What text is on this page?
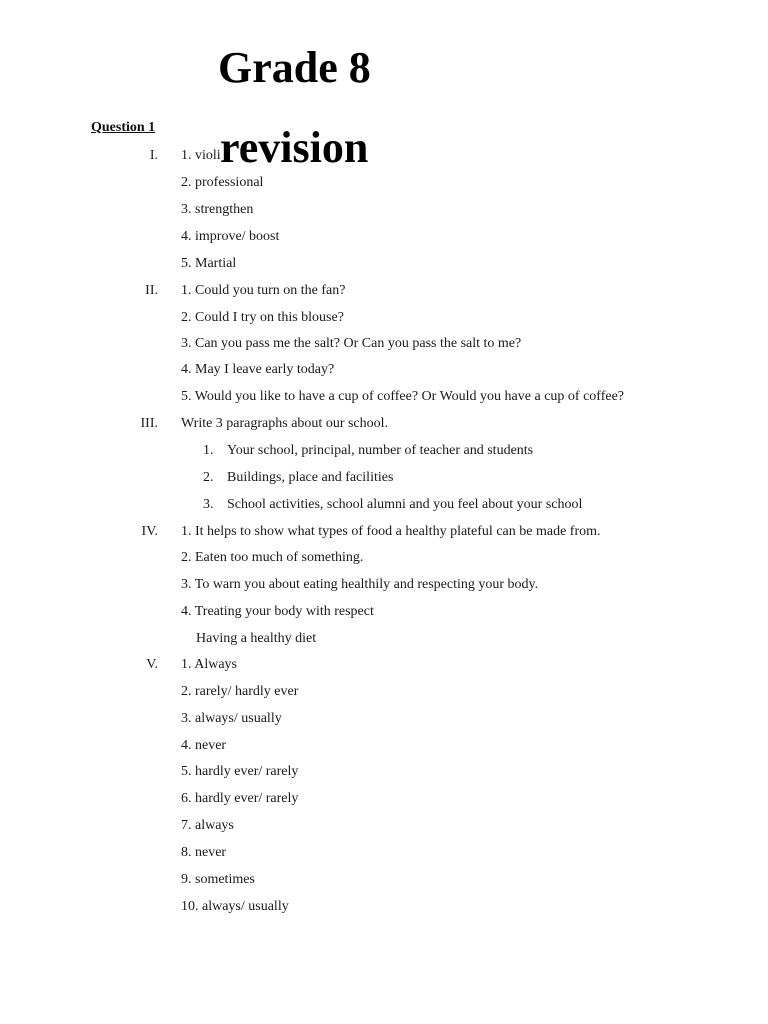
Grade 8
Question 1
I. 1. violi
2. professional
3. strengthen
4. improve/ boost
5. Martial
revision
II. 1. Could you turn on the fan?
2. Could I try on this blouse?
3. Can you pass me the salt? Or Can you pass the salt to me?
4. May I leave early today?
5. Would you like to have a cup of coffee? Or Would you have a cup of coffee?
III. Write 3 paragraphs about our school.
1. Your school, principal, number of teacher and students
2. Buildings, place and facilities
3. School activities, school alumni and you feel about your school
IV. 1. It helps to show what types of food a healthy plateful can be made from.
2. Eaten too much of something.
3. To warn you about eating healthily and respecting your body.
4. Treating your body with respect
Having a healthy diet
V. 1. Always
2. rarely/ hardly ever
3. always/ usually
4. never
5. hardly ever/ rarely
6. hardly ever/ rarely
7. always
8. never
9. sometimes
10. always/ usually
